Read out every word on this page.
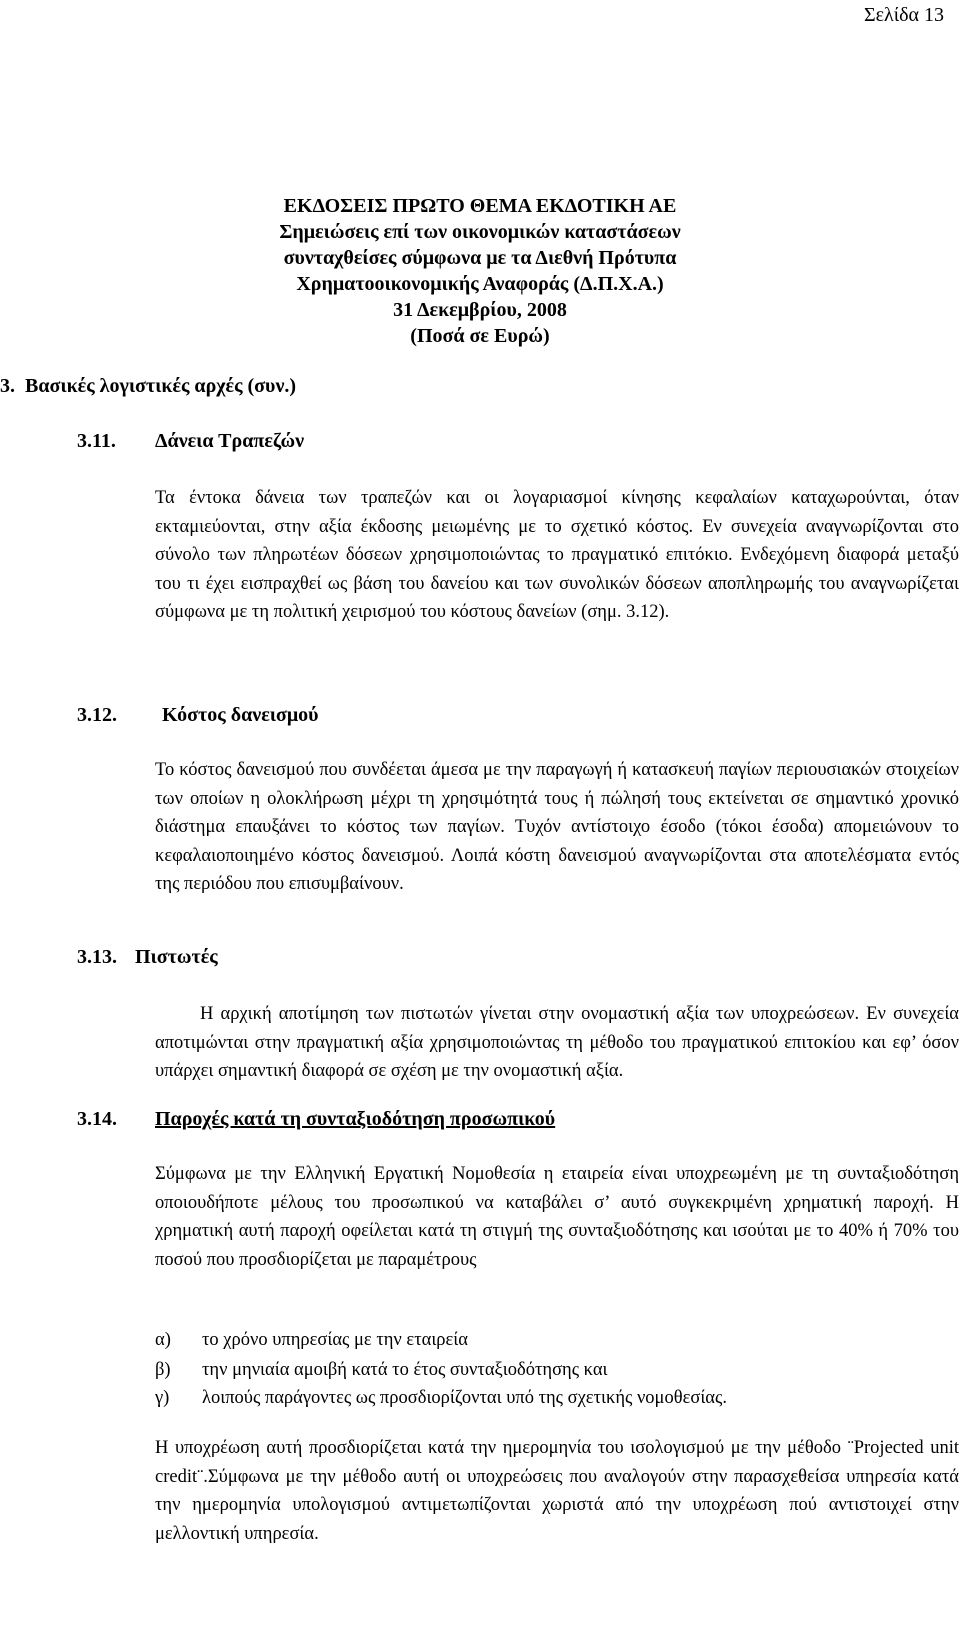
Σελίδα 13
ΕΚΔΟΣΕΙΣ ΠΡΩΤΟ ΘΕΜΑ ΕΚΔΟΤΙΚΗ ΑΕ
Σημειώσεις επί των οικονομικών καταστάσεων
συνταχθείσες σύμφωνα με τα Διεθνή Πρότυπα
Χρηματοοικονομικής Αναφοράς (Δ.Π.Χ.Α.)
31 Δεκεμβρίου, 2008
(Ποσά σε Ευρώ)
3.  Βασικές λογιστικές αρχές (συν.)
3.11. Δάνεια Τραπεζών
Τα έντοκα δάνεια των τραπεζών και οι λογαριασμοί κίνησης κεφαλαίων καταχωρούνται, όταν εκταμιεύονται, στην αξία έκδοσης μειωμένης με το σχετικό κόστος. Εν συνεχεία αναγνωρίζονται στο σύνολο των πληρωτέων δόσεων χρησιμοποιώντας το πραγματικό επιτόκιο. Ενδεχόμενη διαφορά μεταξύ του τι έχει εισπραχθεί ως βάση του δανείου και των συνολικών δόσεων αποπληρωμής του αναγνωρίζεται σύμφωνα με τη πολιτική χειρισμού του κόστους δανείων (σημ. 3.12).
3.12. Κόστος δανεισμού
Το κόστος δανεισμού που συνδέεται άμεσα με την παραγωγή ή κατασκευή παγίων περιουσιακών στοιχείων των οποίων η ολοκλήρωση μέχρι τη χρησιμότητά τους ή πώλησή τους εκτείνεται σε σημαντικό χρονικό διάστημα επαυξάνει το κόστος των παγίων. Τυχόν αντίστοιχο έσοδο (τόκοι έσοδα) απομειώνουν το κεφαλαιοποιημένο κόστος δανεισμού. Λοιπά κόστη δανεισμού αναγνωρίζονται στα αποτελέσματα εντός της περιόδου που επισυμβαίνουν.
3.13. Πιστωτές
Η αρχική αποτίμηση των πιστωτών γίνεται στην ονομαστική αξία των υποχρεώσεων. Εν συνεχεία αποτιμώνται στην πραγματική αξία χρησιμοποιώντας τη μέθοδο του πραγματικού επιτοκίου και εφ’ όσον υπάρχει σημαντική διαφορά σε σχέση με την ονομαστική αξία.
3.14. Παροχές κατά τη συνταξιοδότηση προσωπικού
Σύμφωνα με την Ελληνική Εργατική Νομοθεσία η εταιρεία είναι υποχρεωμένη με τη συνταξιοδότηση οποιουδήποτε μέλους του προσωπικού να καταβάλει σ’ αυτό συγκεκριμένη χρηματική παροχή. Η χρηματική αυτή παροχή οφείλεται κατά τη στιγμή της συνταξιοδότησης και ισούται με το 40% ή 70% του ποσού που προσδιορίζεται με παραμέτρους
α) το χρόνο υπηρεσίας με την εταιρεία
β) την μηνιαία αμοιβή κατά το έτος συνταξιοδότησης και
γ) λοιπούς παράγοντες ως προσδιορίζονται υπό της σχετικής νομοθεσίας.
Η υποχρέωση αυτή προσδιορίζεται κατά την ημερομηνία του ισολογισμού με την μέθοδο ¨Projected unit credit¨.Σύμφωνα με την μέθοδο αυτή οι υποχρεώσεις που αναλογούν στην παρασχεθείσα υπηρεσία κατά την ημερομηνία υπολογισμού αντιμετωπίζονται χωριστά από την υποχρέωση πού αντιστοιχεί στην μελλοντική υπηρεσία.
